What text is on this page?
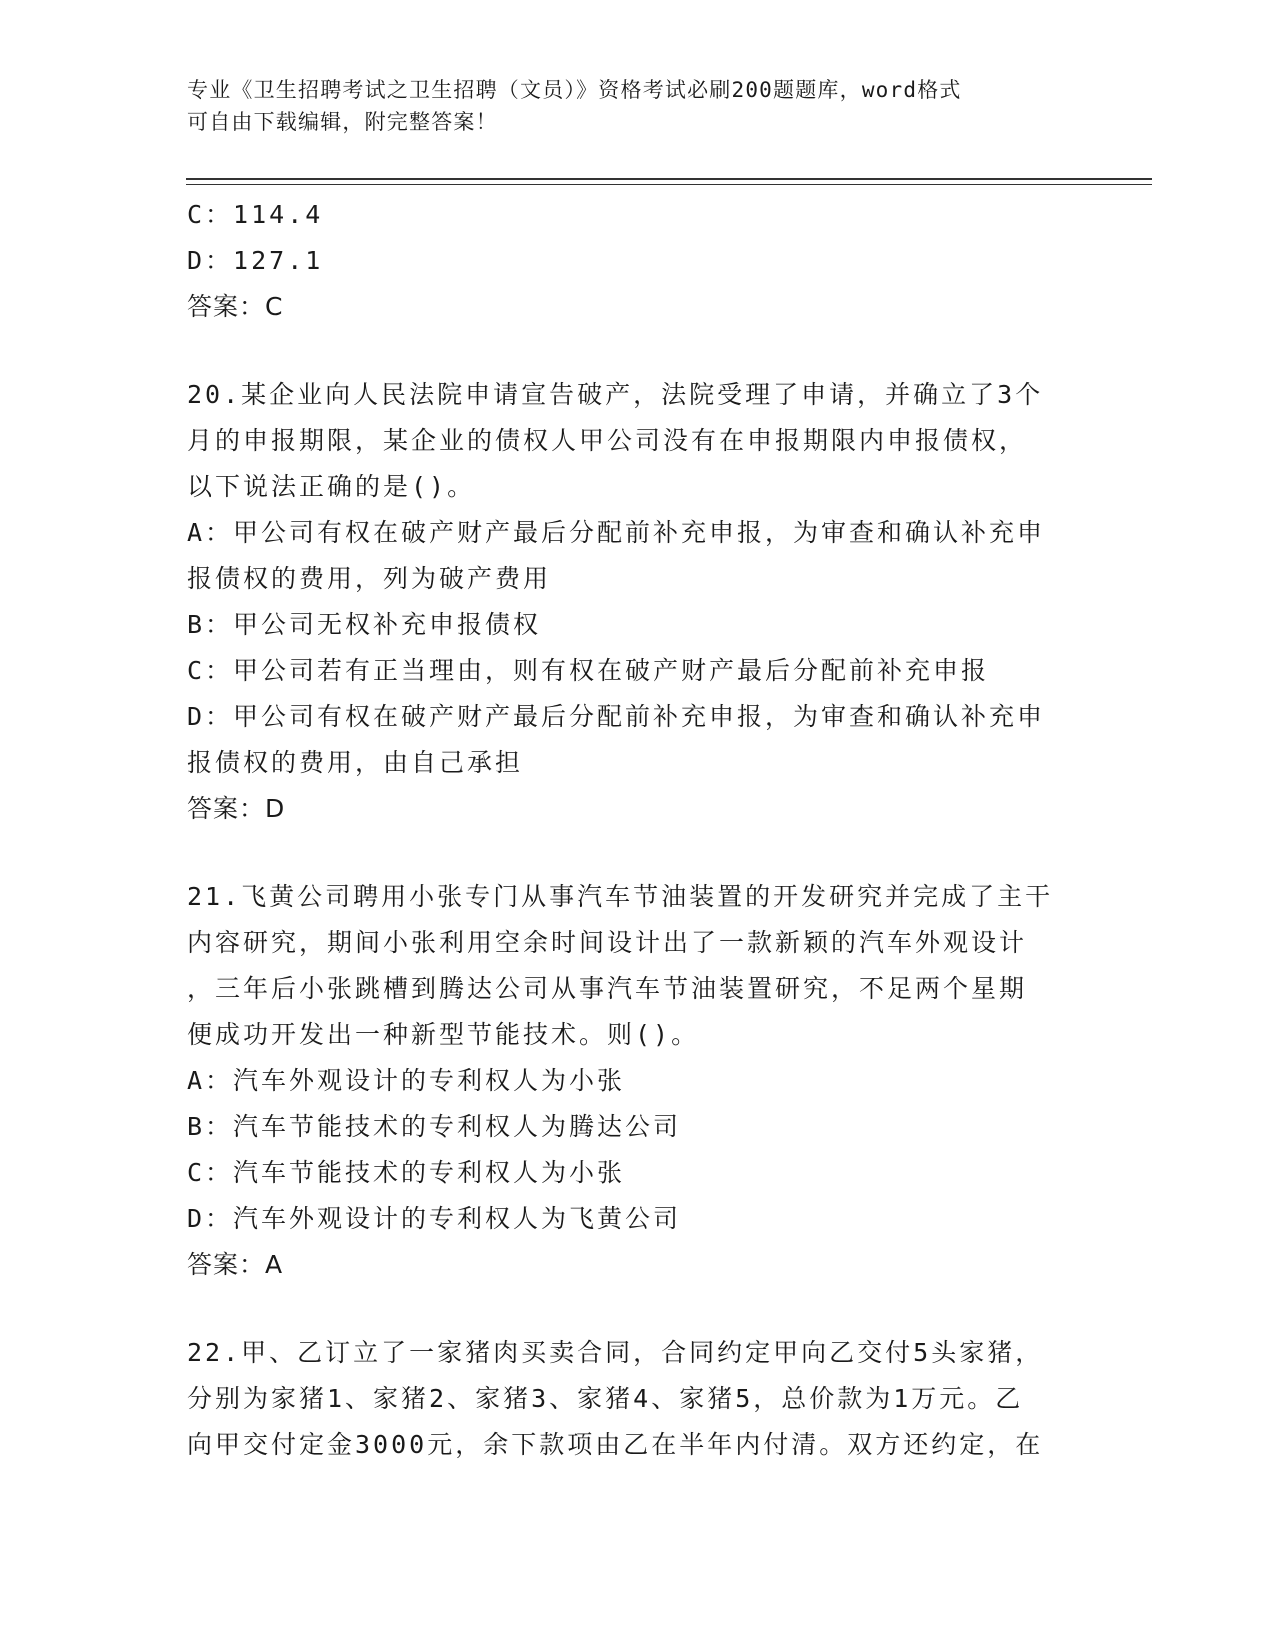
专业《卫生招聘考试之卫生招聘（文员）》资格考试必刷200题题库，word格式
可自由下载编辑，附完整答案！
C：114.4
D：127.1
答案：C
20.某企业向人民法院申请宣告破产，法院受理了申请，并确立了3个
月的申报期限，某企业的债权人甲公司没有在申报期限内申报债权，
以下说法正确的是()。
A：甲公司有权在破产财产最后分配前补充申报，为审查和确认补充申
报债权的费用，列为破产费用
B：甲公司无权补充申报债权
C：甲公司若有正当理由，则有权在破产财产最后分配前补充申报
D：甲公司有权在破产财产最后分配前补充申报，为审查和确认补充申
报债权的费用，由自己承担
答案：D
21.飞黄公司聘用小张专门从事汽车节油装置的开发研究并完成了主干
内容研究，期间小张利用空余时间设计出了一款新颖的汽车外观设计
，三年后小张跳槽到腾达公司从事汽车节油装置研究，不足两个星期
便成功开发出一种新型节能技术。则()。
A：汽车外观设计的专利权人为小张
B：汽车节能技术的专利权人为腾达公司
C：汽车节能技术的专利权人为小张
D：汽车外观设计的专利权人为飞黄公司
答案：A
22.甲、乙订立了一家猪肉买卖合同，合同约定甲向乙交付5头家猪，
分别为家猪1、家猪2、家猪3、家猪4、家猪5，总价款为1万元。乙
向甲交付定金3000元，余下款项由乙在半年内付清。双方还约定，在
